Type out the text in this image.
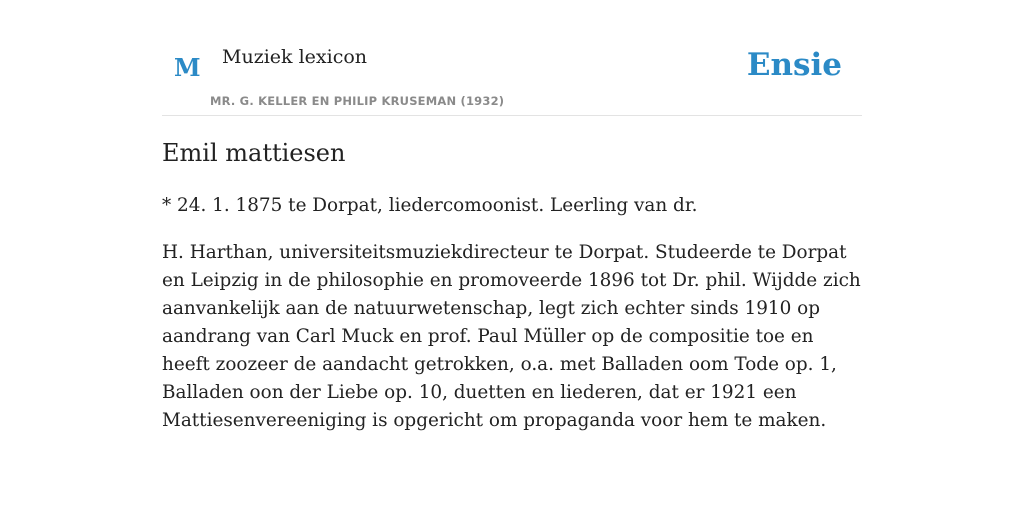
M Muziek lexicon
MR. G. KELLER EN PHILIP KRUSEMAN (1932)
Ensie
Emil mattiesen

* 24. 1. 1875 te Dorpat, liedercomoonist. Leerling van dr.

H. Harthan, universiteitsmuziekdirecteur te Dorpat. Studeerde te Dorpat en Leipzig in de philosophie en promoveerde 1896 tot Dr. phil. Wijdde zich aanvankelijk aan de natuurwetenschap, legt zich echter sinds 1910 op aandrang van Carl Muck en prof. Paul Müller op de compositie toe en heeft zoozeer de aandacht getrokken, o.a. met Balladen oom Tode op. 1, Balladen oon der Liebe op. 10, duetten en liederen, dat er 1921 een Mattiesenvereeniging is opgericht om propaganda voor hem te maken.
